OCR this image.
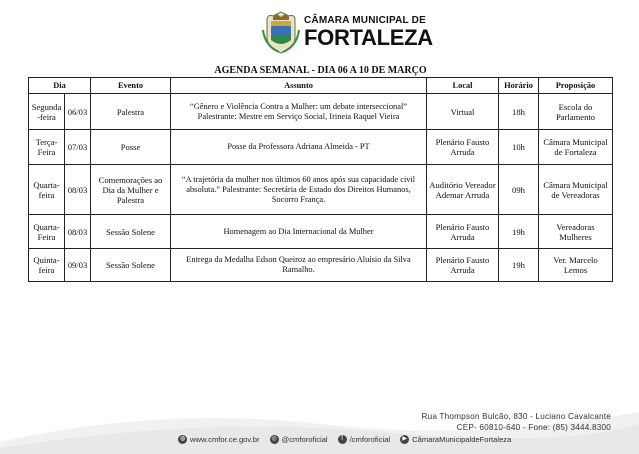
CÂMARA MUNICIPAL DE
FORTALEZA
AGENDA SEMANAL - DIA 06 A 10 DE MARÇO						
Dia		Evento	Assunto	Local	Horário	Proposição
Segunda -feira	06/03	Palestra	“Gênero e Violência Contra a Mulher: um debate interseccional” Palestrante: Mestre em Serviço Social, Irineia Raquel Vieira	Virtual	18h	Escola do Parlamento
Terça-Feira	07/03	Posse	Posse da Professora Adriana Almeida - PT	Plenário Fausto Arruda	10h	Câmara Municipal de Fortaleza
Quarta-feira	08/03	Comemorações ao Dia da Mulher e Palestra	“A trajetória da mulher nos últimos 60 anos após sua capacidade civil absoluta.” Palestrante: Secretária de Estado dos Direitos Humanos, Socorro França.	Auditório Vereador Ademar Arruda	09h	Câmara Municipal de Vereadoras
Quarta-Feira	08/03	Sessão Solene	Homenagem ao Dia Internacional da Mulher	Plenário Fausto Arruda	19h	Vereadoras Mulheres
Quinta-feira	09/03	Sessão Solene	Entrega da Medalha Edson Queiroz ao empresário Aluísio da Silva Ramalho.	Plenário Fausto Arruda	19h	Ver. Marcelo Lemos
Rua Thompson Bulcão, 830 - Luciano Cavalcante
CEP- 60810-640 - Fone: (85) 3444.8300
◍ www.cmfor.ce.gov.br	◎ @cmforoficial	f /cmforoficial	▶ CâmaraMunicipaldeFortaleza
